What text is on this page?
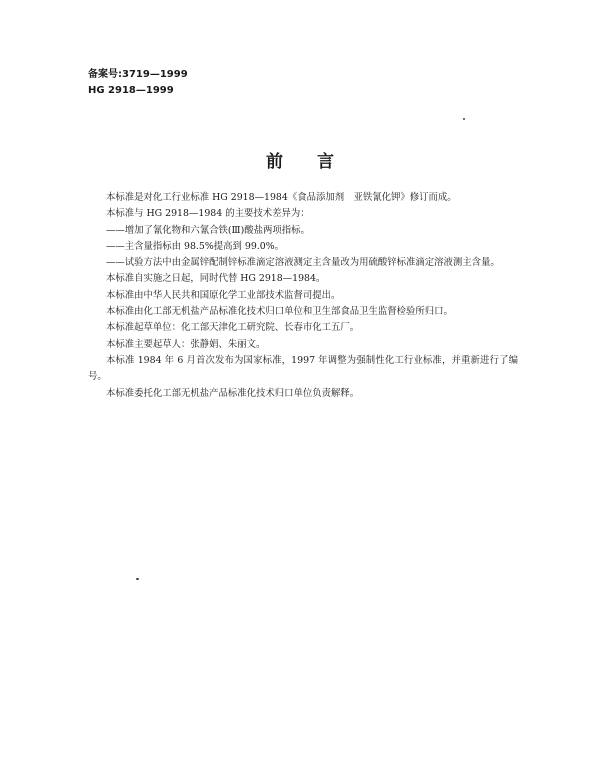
备案号:3719—1999
HG 2918—1999
前言

本标准是对化工行业标准 HG 2918—1984《食品添加剂　亚铁氰化钾》修订而成。

本标准与 HG 2918—1984 的主要技术差异为：

——增加了氰化物和六氰合铁(Ⅲ)酸盐两项指标。

——主含量指标由 98.5%提高到 99.0%。

——试验方法中由金属锌配制锌标准滴定溶液测定主含量改为用硫酸锌标准滴定溶液测主含量。

本标准自实施之日起，同时代替 HG 2918—1984。

本标准由中华人民共和国原化学工业部技术监督司提出。

本标准由化工部无机盐产品标准化技术归口单位和卫生部食品卫生监督检验所归口。

本标准起草单位：化工部天津化工研究院、长春市化工五厂。

本标准主要起草人：张静娟、朱丽文。

本标准 1984 年 6 月首次发布为国家标准，1997 年调整为强制性化工行业标准，并重新进行了编号。

本标准委托化工部无机盐产品标准化技术归口单位负责解释。
